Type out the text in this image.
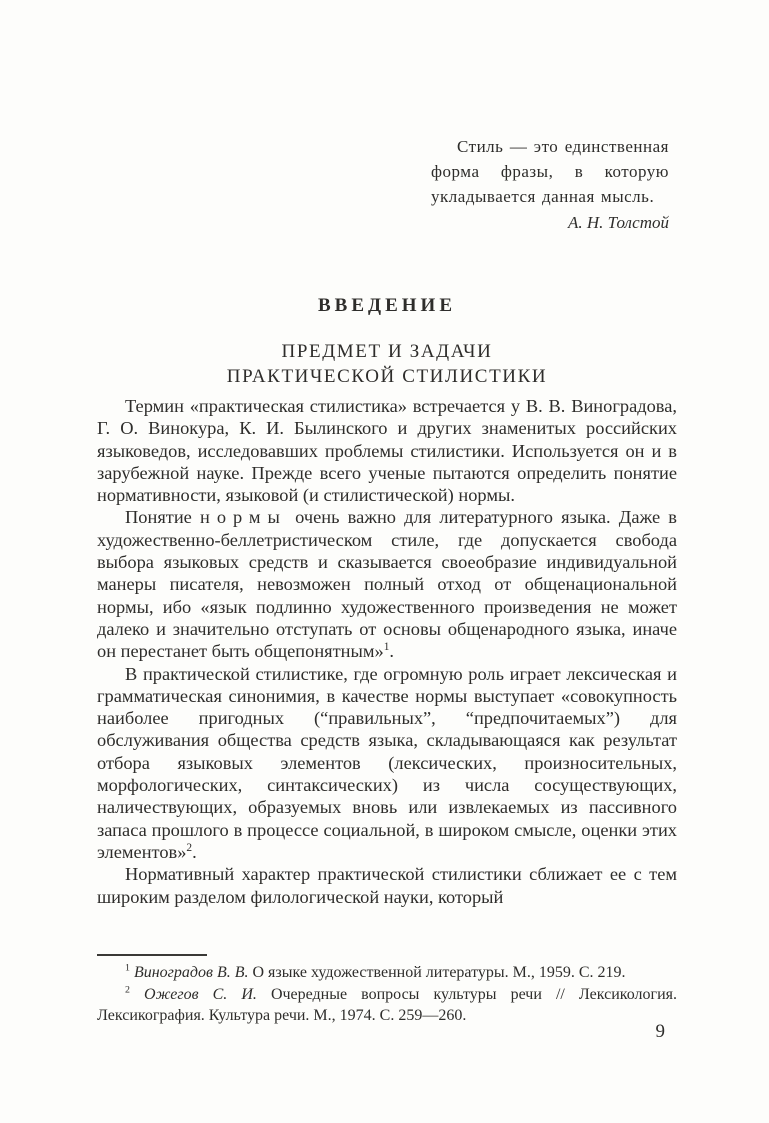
Стиль — это единственная форма фразы, в которую укладывается данная мысль.
А. Н. Толстой
ВВЕДЕНИЕ
ПРЕДМЕТ И ЗАДАЧИ
ПРАКТИЧЕСКОЙ СТИЛИСТИКИ

Термин «практическая стилистика» встречается у В. В. Виноградова, Г. О. Винокура, К. И. Былинского и других знаменитых российских языковедов, исследовавших проблемы стилистики. Используется он и в зарубежной науке. Прежде всего ученые пытаются определить понятие нормативности, языковой (и стилистической) нормы.

Понятие нормы очень важно для литературного языка. Даже в художественно-беллетристическом стиле, где допускается свобода выбора языковых средств и сказывается своеобразие индивидуальной манеры писателя, невозможен полный отход от общенациональной нормы, ибо «язык подлинно художественного произведения не может далеко и значительно отступать от основы общенародного языка, иначе он перестанет быть общепонятным»$^1$.

В практической стилистике, где огромную роль играет лексическая и грамматическая синонимия, в качестве нормы выступает «совокупность наиболее пригодных (“правильных”, “предпочитаемых”) для обслуживания общества средств языка, складывающаяся как результат отбора языковых элементов (лексических, произносительных, морфологических, синтаксических) из числа сосуществующих, наличествующих, образуемых вновь или извлекаемых из пассивного запаса прошлого в процессе социальной, в широком смысле, оценки этих элементов»$^2$.

Нормативный характер практической стилистики сближает ее с тем широким разделом филологической науки, который

$^1$ Виноградов В. В. О языке художественной литературы. М., 1959. С. 219.

$^2$ Ожегов С. И. Очередные вопросы культуры речи // Лексикология. Лексикография. Культура речи. М., 1974. С. 259—260.

9
